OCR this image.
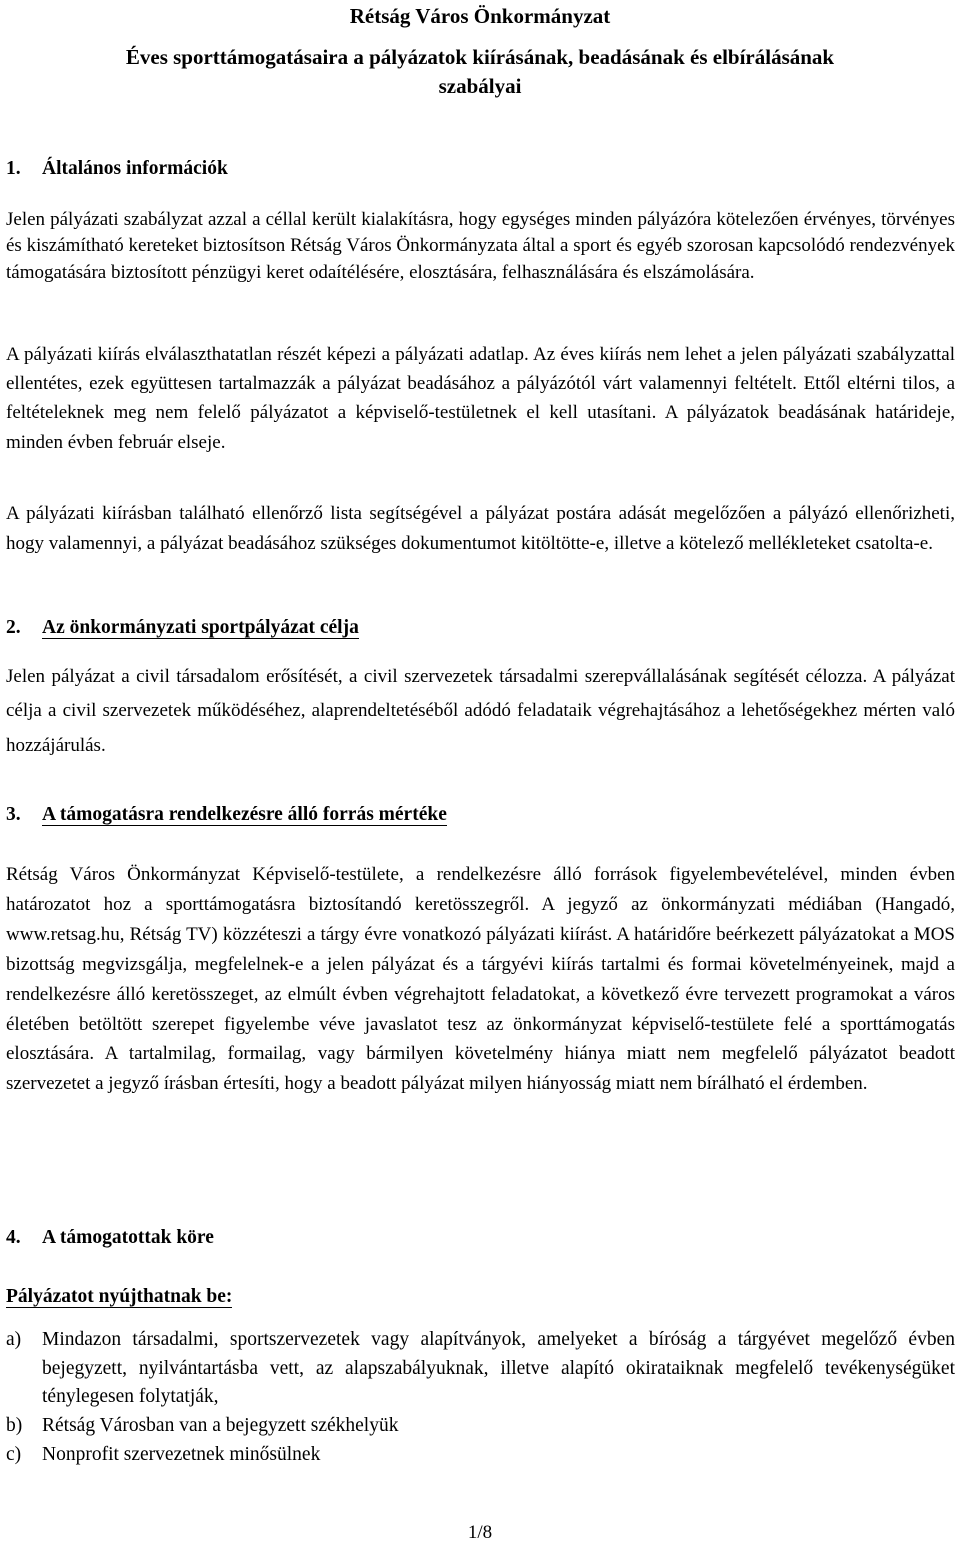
Rétság Város Önkormányzat
Éves sporttámogatásaira a pályázatok kiírásának, beadásának és elbírálásának
szabályai
1. Általános információk

Jelen pályázati szabályzat azzal a céllal került kialakításra, hogy egységes minden pályázóra kötelezően érvényes, törvényes és kiszámítható kereteket biztosítson Rétság Város Önkormányzata által a sport és egyéb szorosan kapcsolódó rendezvények támogatására biztosított pénzügyi keret odaítélésére, elosztására, felhasználására és elszámolására.

A pályázati kiírás elválaszthatatlan részét képezi a pályázati adatlap. Az éves kiírás nem lehet a jelen pályázati szabályzattal ellentétes, ezek együttesen tartalmazzák a pályázat beadásához a pályázótól várt valamennyi feltételt. Ettől eltérni tilos, a feltételeknek meg nem felelő pályázatot a képviselő-testületnek el kell utasítani. A pályázatok beadásának határideje, minden évben február elseje.

A pályázati kiírásban található ellenőrző lista segítségével a pályázat postára adását megelőzően a pályázó ellenőrizheti, hogy valamennyi, a pályázat beadásához szükséges dokumentumot kitöltötte-e, illetve a kötelező mellékleteket csatolta-e.

2. Az önkormányzati sportpályázat célja

Jelen pályázat a civil társadalom erősítését, a civil szervezetek társadalmi szerepvállalásának segítését célozza. A pályázat célja a civil szervezetek működéséhez, alaprendeltetéséből adódó feladataik végrehajtásához a lehetőségekhez mérten való hozzájárulás.

3. A támogatásra rendelkezésre álló forrás mértéke

Rétság Város Önkormányzat Képviselő-testülete, a rendelkezésre álló források figyelembevételével, minden évben határozatot hoz a sporttámogatásra biztosítandó keretösszegről. A jegyző az önkormányzati médiában (Hangadó, www.retsag.hu, Rétság TV) közzéteszi a tárgy évre vonatkozó pályázati kiírást. A határidőre beérkezett pályázatokat a MOS bizottság megvizsgálja, megfelelnek-e a jelen pályázat és a tárgyévi kiírás tartalmi és formai követelményeinek, majd a rendelkezésre álló keretösszeget, az elmúlt évben végrehajtott feladatokat, a következő évre tervezett programokat a város életében betöltött szerepet figyelembe véve javaslatot tesz az önkormányzat képviselő-testülete felé a sporttámogatás elosztására. A tartalmilag, formailag, vagy bármilyen követelmény hiánya miatt nem megfelelő pályázatot beadott szervezetet a jegyző írásban értesíti, hogy a beadott pályázat milyen hiányosság miatt nem bírálható el érdemben.

4. A támogatottak köre
Pályázatot nyújthatnak be:
a)	Mindazon társadalmi, sportszervezetek vagy alapítványok, amelyeket a bíróság a tárgyévet megelőző évben bejegyzett, nyilvántartásba vett, az alapszabályuknak, illetve alapító okirataiknak megfelelő tevékenységüket ténylegesen folytatják,
b)	Rétság Városban van a bejegyzett székhelyük
c)	Nonprofit szervezetnek minősülnek
1/8
